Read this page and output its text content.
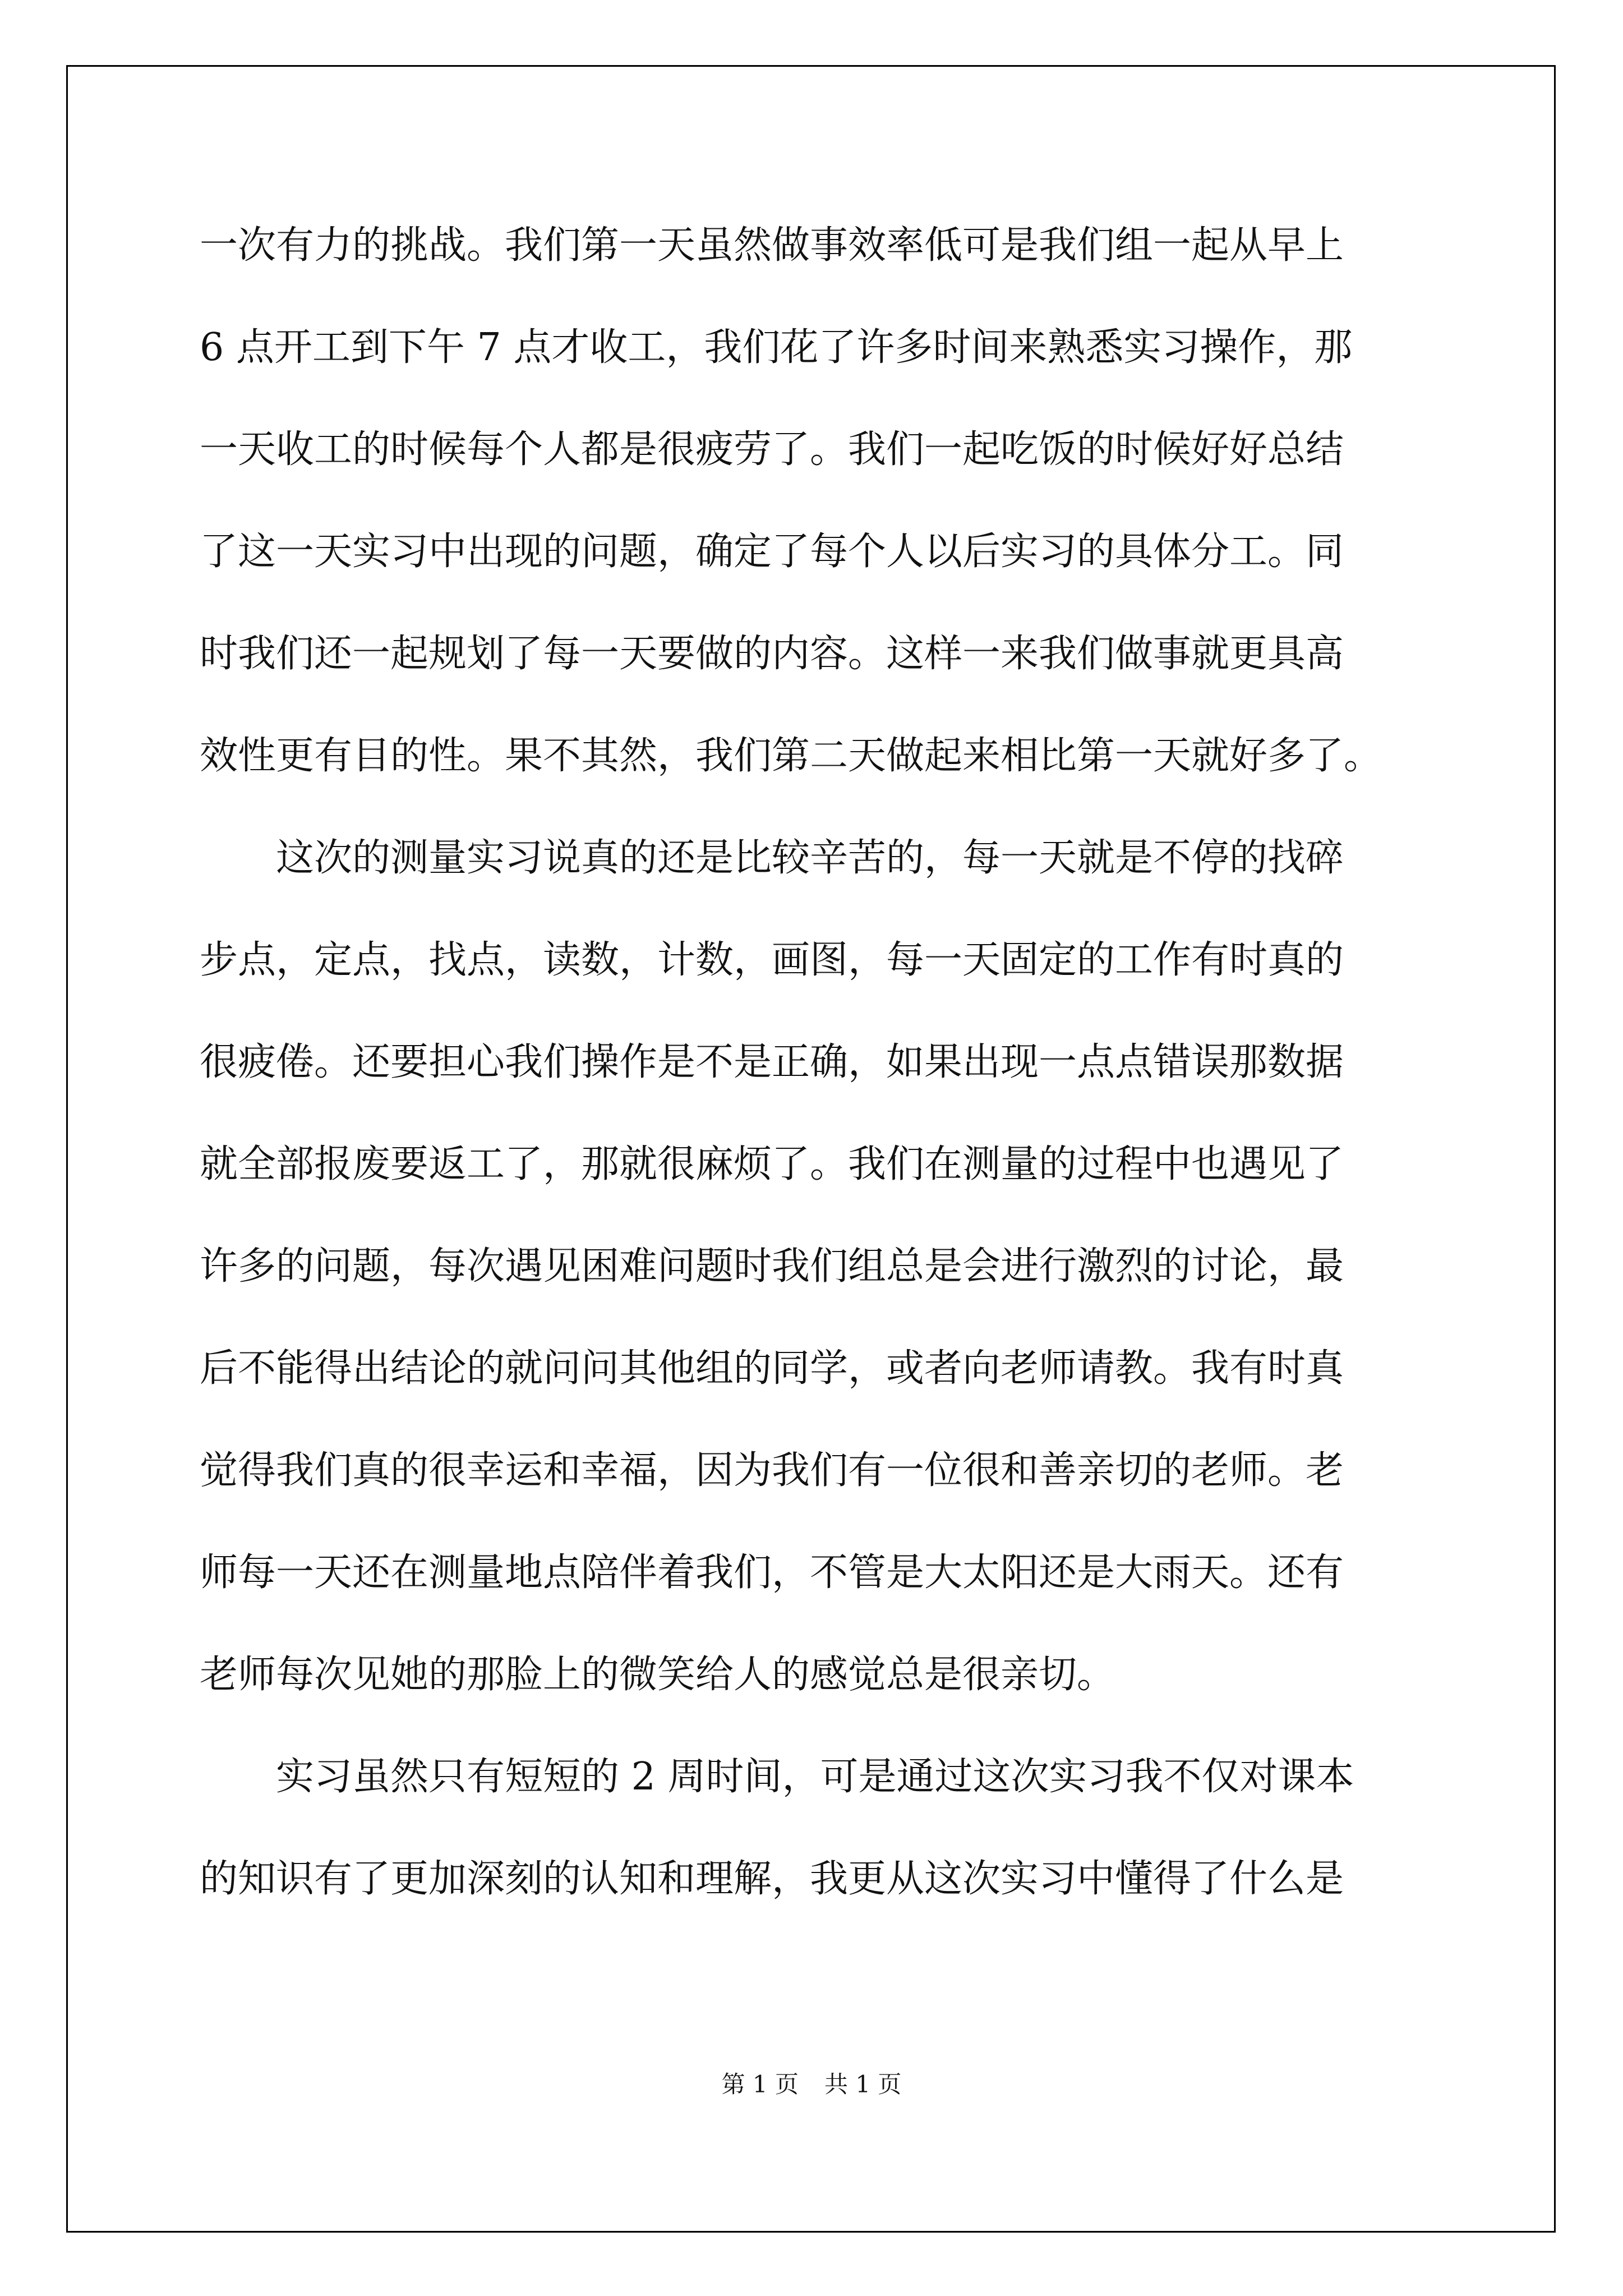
一次有力的挑战。我们第一天虽然做事效率低可是我们组一起从早上
6 点开工到下午 7 点才收工，我们花了许多时间来熟悉实习操作，那
一天收工的时候每个人都是很疲劳了。我们一起吃饭的时候好好总结
了这一天实习中出现的问题，确定了每个人以后实习的具体分工。同
时我们还一起规划了每一天要做的内容。这样一来我们做事就更具高
效性更有目的性。果不其然，我们第二天做起来相比第一天就好多了。
这次的测量实习说真的还是比较辛苦的，每一天就是不停的找碎
步点，定点，找点，读数，计数，画图，每一天固定的工作有时真的
很疲倦。还要担心我们操作是不是正确，如果出现一点点错误那数据
就全部报废要返工了，那就很麻烦了。我们在测量的过程中也遇见了
许多的问题，每次遇见困难问题时我们组总是会进行激烈的讨论，最
后不能得出结论的就问问其他组的同学，或者向老师请教。我有时真
觉得我们真的很幸运和幸福，因为我们有一位很和善亲切的老师。老
师每一天还在测量地点陪伴着我们，不管是大太阳还是大雨天。还有
老师每次见她的那脸上的微笑给人的感觉总是很亲切。
实习虽然只有短短的 2 周时间，可是通过这次实习我不仅对课本
的知识有了更加深刻的认知和理解，我更从这次实习中懂得了什么是
第 1 页 共 1 页
